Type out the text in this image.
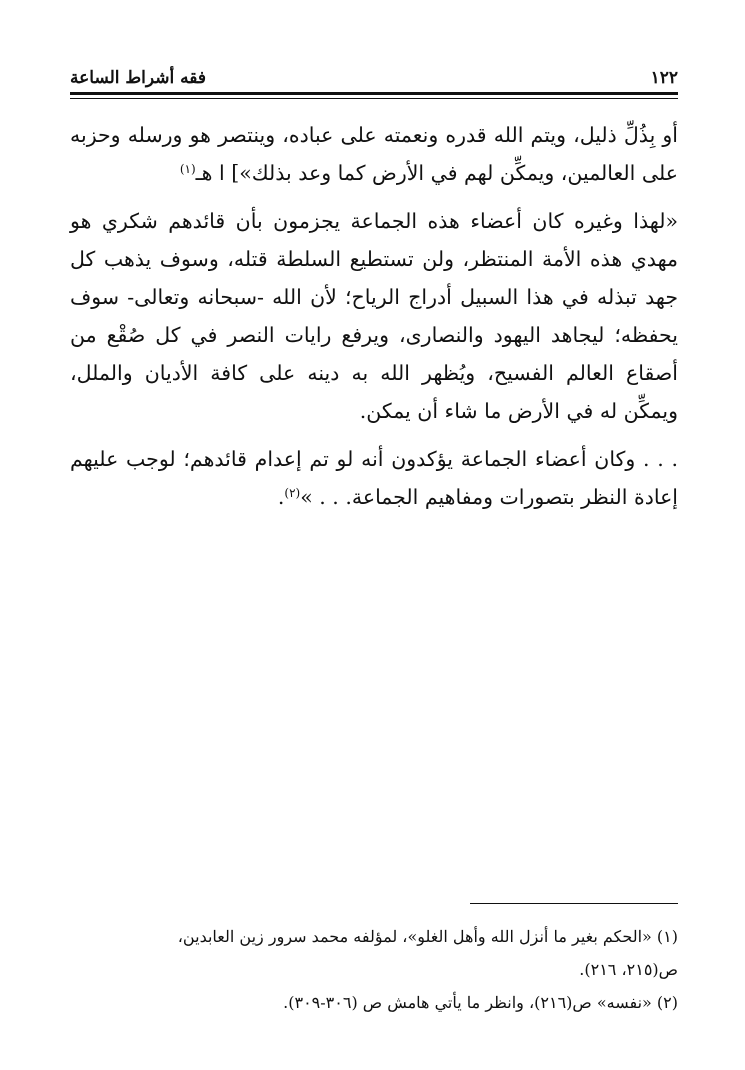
١٢٢
فقه أشراط الساعة

أو بِذُلِّ ذليل، ويتم الله قدره ونعمته على عباده، وينتصر هو ورسله وحزبه على العالمين، ويمكِّن لهم في الأرض كما وعد بذلك»] ا هـ$^{(١)}$

«لهذا وغيره كان أعضاء هذه الجماعة يجزمون بأن قائدهم شكري هو مهدي هذه الأمة المنتظر، ولن تستطيع السلطة قتله، وسوف يذهب كل جهد تبذله في هذا السبيل أدراج الرياح؛ لأن الله -سبحانه وتعالى- سوف يحفظه؛ ليجاهد اليهود والنصارى، ويرفع رايات النصر في كل صُقْع من أصقاع العالم الفسيح، ويُظهر الله به دينه على كافة الأديان والملل، ويمكِّن له في الأرض ما شاء أن يمكن.

. . . وكان أعضاء الجماعة يؤكدون أنه لو تم إعدام قائدهم؛ لوجب عليهم إعادة النظر بتصورات ومفاهيم الجماعة. . . »$^{(٢)}$.

(١) «الحكم بغير ما أنزل الله وأهل الغلو»، لمؤلفه محمد سرور زين العابدين،

ص(٢١٥، ٢١٦).

(٢) «نفسه» ص(٢١٦)، وانظر ما يأتي هامش ص (٣٠٦-٣٠٩).
